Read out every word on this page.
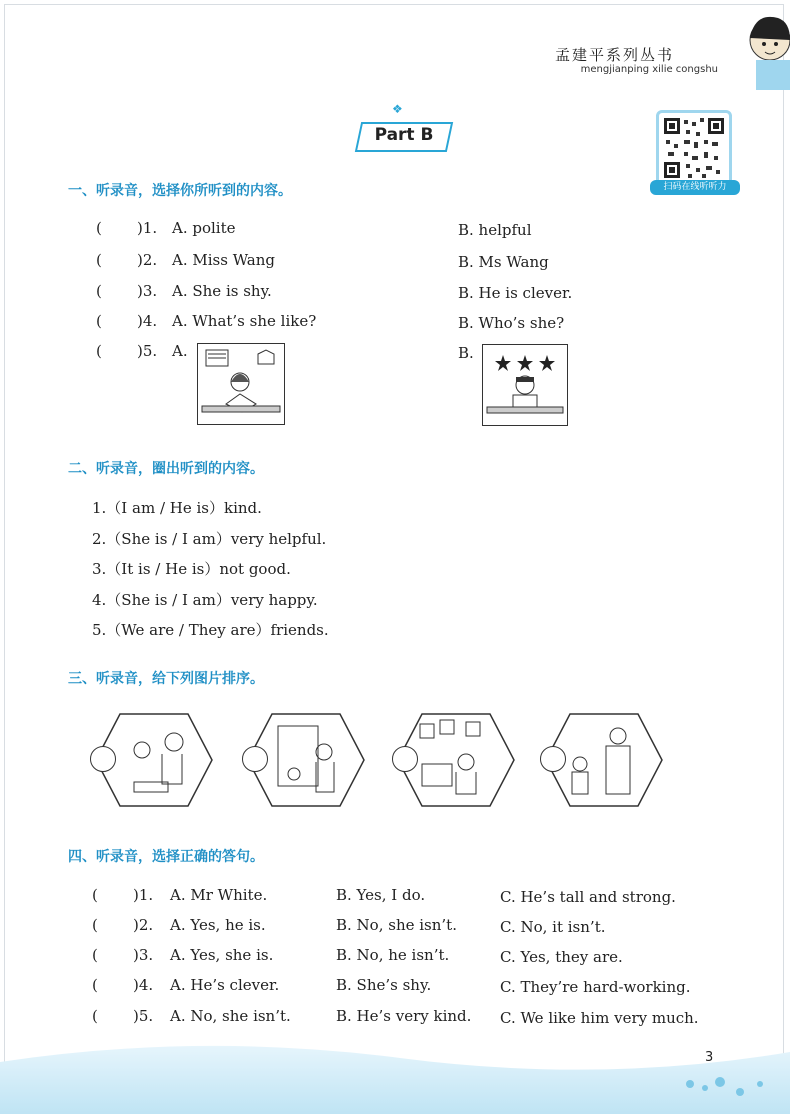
孟建平系列丛书
mengjianping xilie congshu
❖
Part B
扫码在线听听力
一、听录音，选择你所听到的内容。
( )1. A. polite	B. helpful
( )2. A. Miss Wang	B. Ms Wang
( )3. A. She is shy.	B. He is clever.
( )4. A. What’s she like?	B. Who’s she?
( )5. A.	B.
二、听录音，圈出听到的内容。
1.（I am / He is）kind.
2.（She is / I am）very helpful.
3.（It is / He is）not good.
4.（She is / I am）very happy.
5.（We are / They are）friends.
三、听录音，给下列图片排序。
四、听录音，选择正确的答句。
( )1. A. Mr White.	B. Yes, I do.	C. He’s tall and strong.
( )2. A. Yes, he is.	B. No, she isn’t.	C. No, it isn’t.
( )3. A. Yes, she is.	B. No, he isn’t.	C. Yes, they are.
( )4. A. He’s clever.	B. She’s shy.	C. They’re hard-working.
( )5. A. No, she isn’t.	B. He’s very kind. C. We like him very much.
3
